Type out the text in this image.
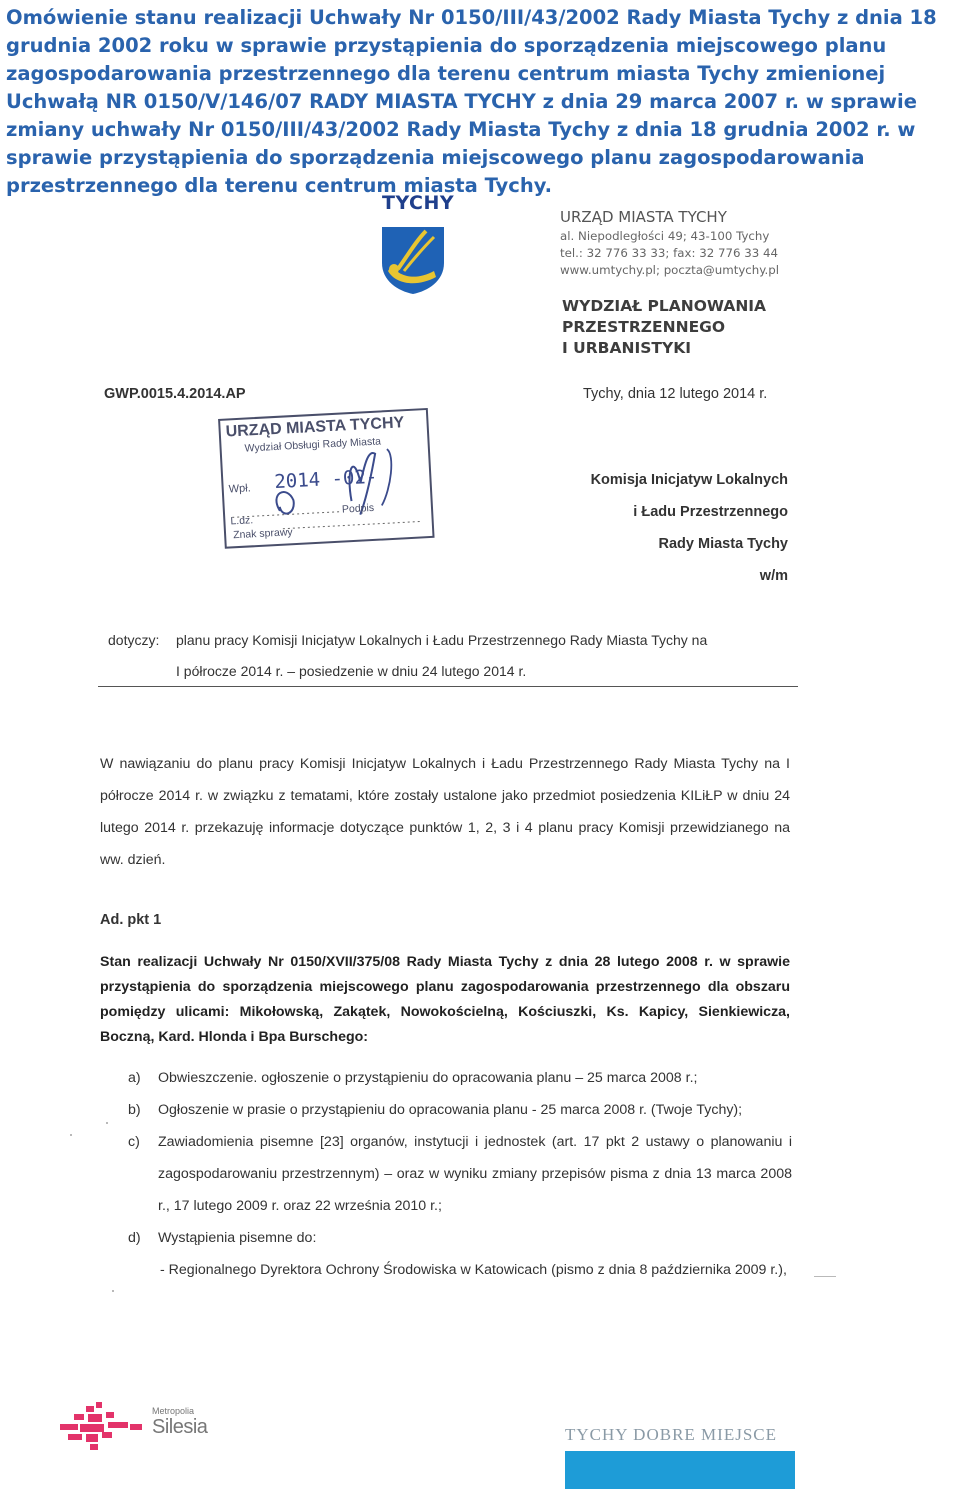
Omówienie stanu realizacji Uchwały Nr 0150/III/43/2002 Rady Miasta Tychy z dnia 18 grudnia 2002 roku w sprawie przystąpienia do sporządzenia miejscowego planu zagospodarowania przestrzennego dla terenu centrum miasta Tychy zmienionej Uchwałą NR 0150/V/146/07 RADY MIASTA TYCHY z dnia 29 marca 2007 r. w sprawie zmiany uchwały Nr 0150/III/43/2002 Rady Miasta Tychy z dnia 18 grudnia 2002 r. w sprawie przystąpienia do sporządzenia miejscowego planu zagospodarowania przestrzennego dla terenu centrum miasta Tychy.
TYCHY
URZĄD MIASTA TYCHY
al. Niepodległości 49; 43-100 Tychy
tel.: 32 776 33 33; fax: 32 776 33 44
www.umtychy.pl; poczta@umtychy.pl
WYDZIAŁ PLANOWANIA
PRZESTRZENNEGO
I URBANISTYKI
GWP.0015.4.2014.AP	Tychy, dnia 12 lutego 2014 r.
URZĄD MIASTA TYCHY
Wydział Obsługi Rady Miasta
Wpł. 2014 -02-
L.dz.
Podpis
Znak sprawy
Komisja Inicjatyw Lokalnych
i Ładu Przestrzennego
Rady Miasta Tychy
w/m
dotyczy: planu pracy Komisji Inicjatyw Lokalnych i Ładu Przestrzennego Rady Miasta Tychy na
I półrocze 2014 r. – posiedzenie w dniu 24 lutego 2014 r.
W nawiązaniu do planu pracy Komisji Inicjatyw Lokalnych i Ładu Przestrzennego Rady Miasta Tychy na I półrocze 2014 r. w związku z tematami, które zostały ustalone jako przedmiot posiedzenia KILiŁP w dniu 24 lutego 2014 r. przekazuję informacje dotyczące punktów 1, 2, 3 i 4 planu pracy Komisji przewidzianego na ww. dzień.
Ad. pkt 1
Stan realizacji Uchwały Nr 0150/XVII/375/08 Rady Miasta Tychy z dnia 28 lutego 2008 r. w sprawie przystąpienia do sporządzenia miejscowego planu zagospodarowania przestrzennego dla obszaru pomiędzy ulicami: Mikołowską, Zakątek, Nowokościelną, Kościuszki, Ks. Kapicy, Sienkiewicza, Boczną, Kard. Hlonda i Bpa Burschego:
a) Obwieszczenie. ogłoszenie o przystąpieniu do opracowania planu – 25 marca 2008 r.;
b) Ogłoszenie w prasie o przystąpieniu do opracowania planu - 25 marca 2008 r. (Twoje Tychy);
c) Zawiadomienia pisemne [23] organów, instytucji i jednostek (art. 17 pkt 2 ustawy o planowaniu i zagospodarowaniu przestrzennym) – oraz w wyniku zmiany przepisów pisma z dnia 13 marca 2008 r., 17 lutego 2009 r. oraz 22 września 2010 r.;
d) Wystąpienia pisemne do:
- Regionalnego Dyrektora Ochrony Środowiska w Katowicach (pismo z dnia 8 października 2009 r.),
Metropolia
Silesia	TYCHY DOBRE MIEJSCE
